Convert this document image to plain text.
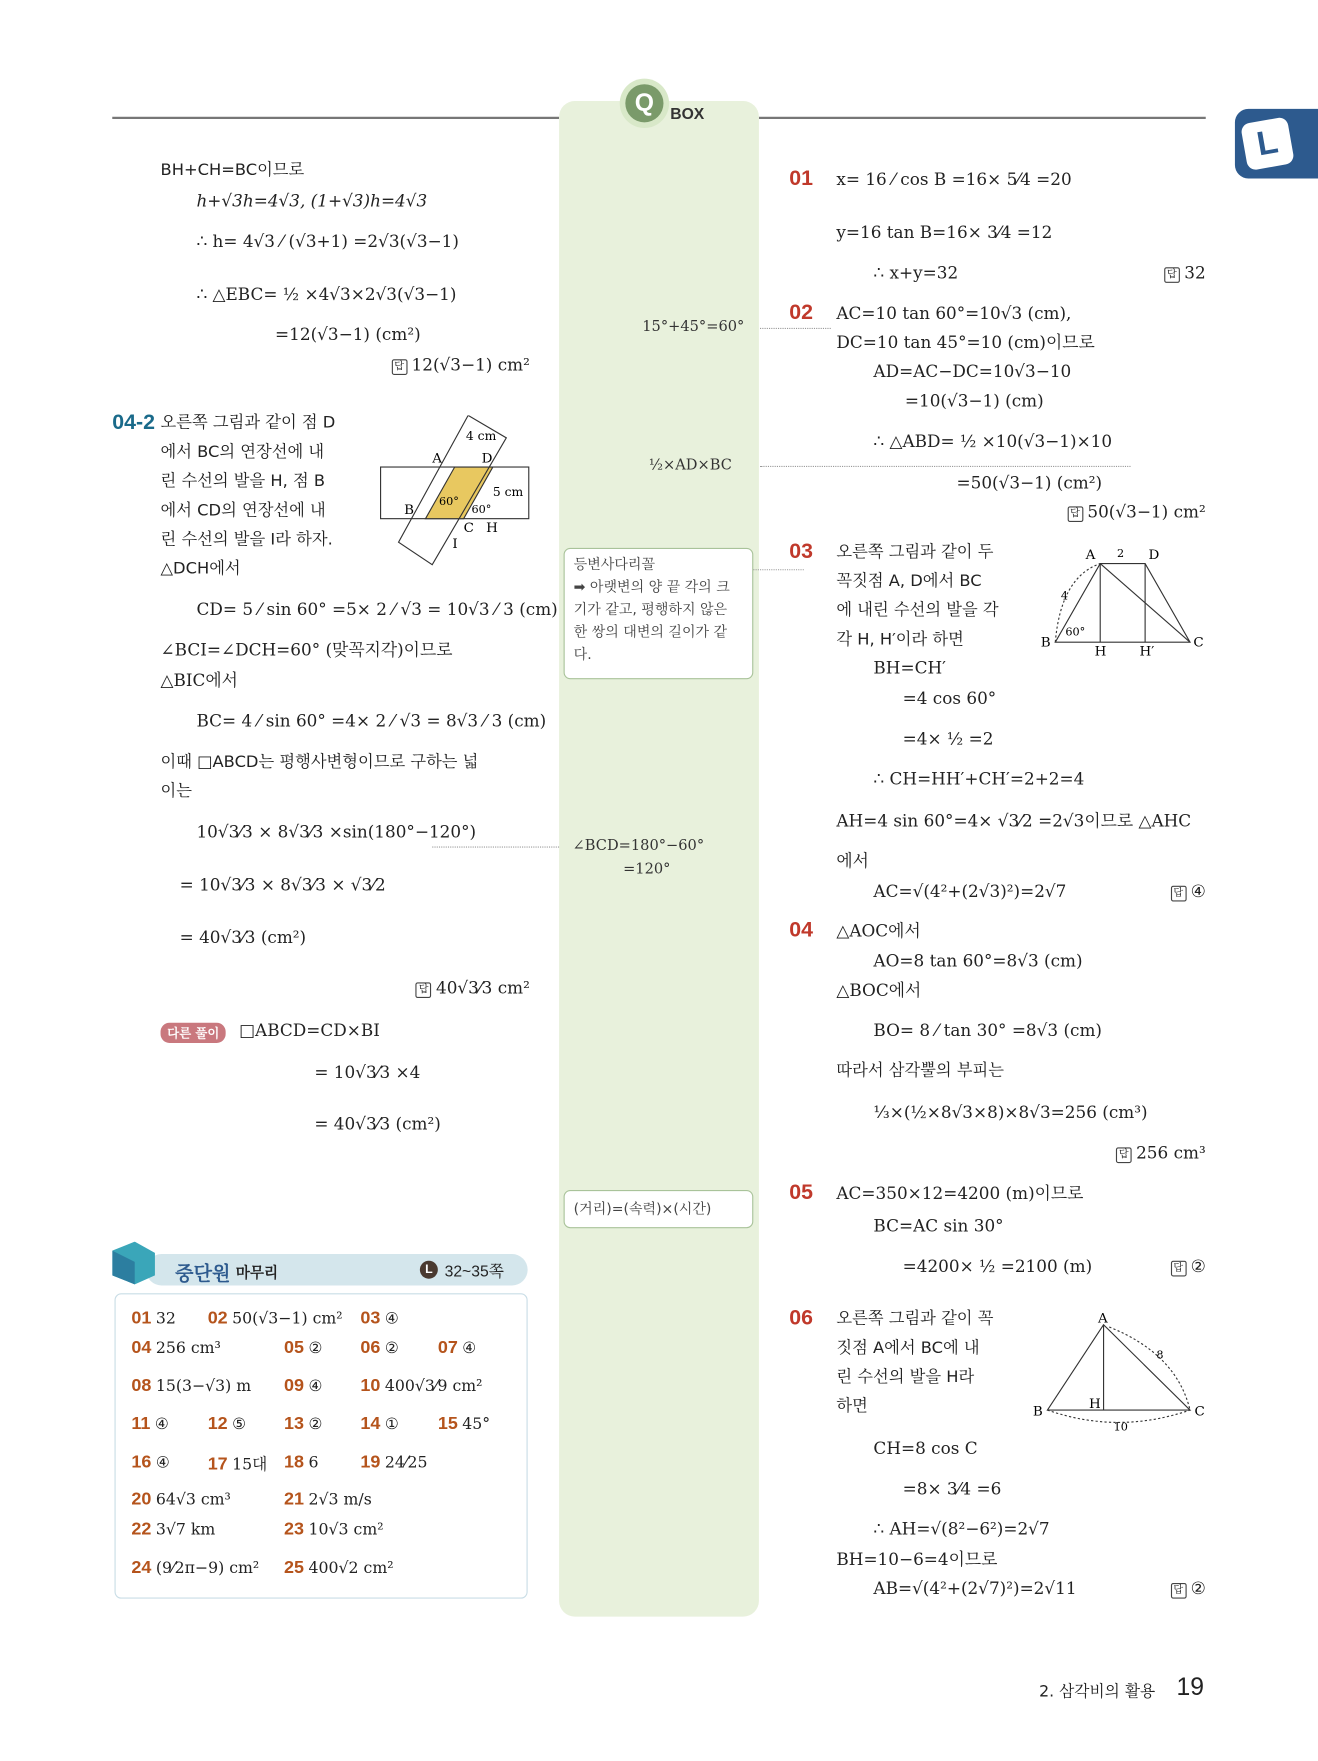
Q	BOX
L
BH+CH=BC이므로
h+√3h=4√3, (1+√3)h=4√3
∴ h= 4√3 ⁄ (√3+1) =2√3(√3−1)
∴ △EBC= ½ ×4√3×2√3(√3−1)
=12(√3−1) (cm²)
답 12(√3−1) cm²
04-2 오른쪽 그림과 같이 점 D
에서 BC의 연장선에 내
린 수선의 발을 H, 점 B
에서 CD의 연장선에 내
린 수선의 발을 I라 하자.
△DCH에서
A	D
B
C H
I
4 cm
5 cm
60°
60°
CD= 5 ⁄ sin 60° =5× 2 ⁄ √3 = 10√3 ⁄ 3 (cm)
∠BCI=∠DCH=60° (맞꼭지각)이므로
△BIC에서
BC= 4 ⁄ sin 60° =4× 2 ⁄ √3 = 8√3 ⁄ 3 (cm)
이때 □ABCD는 평행사변형이므로 구하는 넓
이는
10√3⁄3 × 8√3⁄3 ×sin(180°−120°)
= 10√3⁄3 × 8√3⁄3 × √3⁄2
= 40√3⁄3 (cm²)
답 40√3⁄3 cm²
다른 풀이	□ABCD=CD×BI
= 10√3⁄3 ×4
= 40√3⁄3 (cm²)
중단원 마무리	L 32~35쪽
01 32 02 50(√3−1) cm² 03 ④
04 256 cm³	05 ② 06 ② 07 ④
08 15(3−√3) m 09 ④ 10 400√3⁄9 cm²
11 ④ 12 ⑤ 13 ② 14 ① 15 45°
16 ④ 17 15대 18 6	19 24⁄25
20 64√3 cm³	21 2√3 m/s
22 3√7 km	23 10√3 cm²
24 (9⁄2π−9) cm² 25 400√2 cm²
15°+45°=60°
½×AD×BC
등변사다리꼴
➡ 아랫변의 양 끝 각의 크기가 같고, 평행하지 않은 한 쌍의 대변의 길이가 같다.
∠BCD=180°−60°
=120°
(거리)=(속력)×(시간)
01 x= 16 ⁄ cos B =16× 5⁄4 =20
y=16 tan B=16× 3⁄4 =12
∴ x+y=32	답 32
02 AC=10 tan 60°=10√3 (cm),
DC=10 tan 45°=10 (cm)이므로
AD=AC−DC=10√3−10
=10(√3−1) (cm)
∴ △ABD= ½ ×10(√3−1)×10
=50(√3−1) (cm²)
답 50(√3−1) cm²
03 오른쪽 그림과 같이 두
꼭짓점 A, D에서 BC
에 내린 수선의 발을 각
각 H, H′이라 하면
BH=CH′
=4 cos 60°
=4× ½ =2
∴ CH=HH′+CH′=2+2=4
AH=4 sin 60°=4× √3⁄2 =2√3이므로 △AHC
에서
AC=√(4²+(2√3)²)=2√7	답 ④
04 △AOC에서
AO=8 tan 60°=8√3 (cm)
△BOC에서
BO= 8 ⁄ tan 30° =8√3 (cm)
따라서 삼각뿔의 부피는
⅓×(½×8√3×8)×8√3=256 (cm³)
답 256 cm³
05 AC=350×12=4200 (m)이므로
BC=AC sin 30°
=4200× ½ =2100 (m)	답 ②
06 오른쪽 그림과 같이 꼭
짓점 A에서 BC에 내
린 수선의 발을 H라
하면
CH=8 cos C
=8× 3⁄4 =6
∴ AH=√(8²−6²)=2√7
BH=10−6=4이므로
AB=√(4²+(2√7)²)=2√11	답 ②
A	D
B	C
H	H′
2
4
60°
A
B	C
H
8
10
2. 삼각비의 활용 19
